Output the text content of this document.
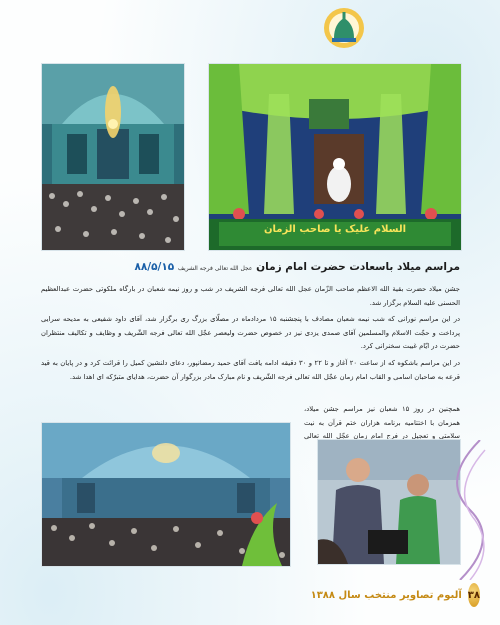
السلام علیک یا صاحب الزمان
مراسم میلاد باسعادت حضرت امام زمان عجل الله تعالی فرجه الشریف ۸۸/۵/۱۵

جشن میلاد حضرت بقیة الله الاعظم صاحب الزّمان عجل الله تعالی فرجه الشریف در شب و روز نیمه شعبان در بارگاه ملکوتی حضرت عبدالعظیم الحسنی علیه السلام برگزار شد.

در این مراسم نورانی که شب نیمه شعبان مصادف با پنجشنبه ۱۵ مردادماه در مصلّای بزرگ ری برگزار شد، آقای داود شفیعی به مدیحه سرایی پرداخت و حجّت الاسلام والمسلمین آقای صمدی یزدی نیز در خصوص حضرت ولیعصر عجّل الله تعالی فرجه الشّریف و وظایف و تکالیف منتظران حضرت در ایّام غیبت سخنرانی کرد.

در این مراسم باشکوه که از ساعت ۲۰ آغاز و تا ۲۲ و ۳۰ دقیقه ادامه یافت آقای حمید رمضانپور، دعای دلنشین کمیل را قرائت کرد و در پایان به قید قرعه به صاحبان اسامی و القاب امام زمان عجّل الله تعالی فرجه الشّریف و نام مبارک مادر بزرگوار آن حضرت، هدایای متبرّکه ای اهدا شد.

همچنین در روز ۱۵ شعبان نیز مراسم جشن میلاد، همزمان با اختتامیه برنامه هزاران ختم قرآن به نیت سلامتی و تعجیل در فرج امام زمان عجّل الله تعالی

۳۸
آلبوم تصاویر منتخب سال ۱۳۸۸
